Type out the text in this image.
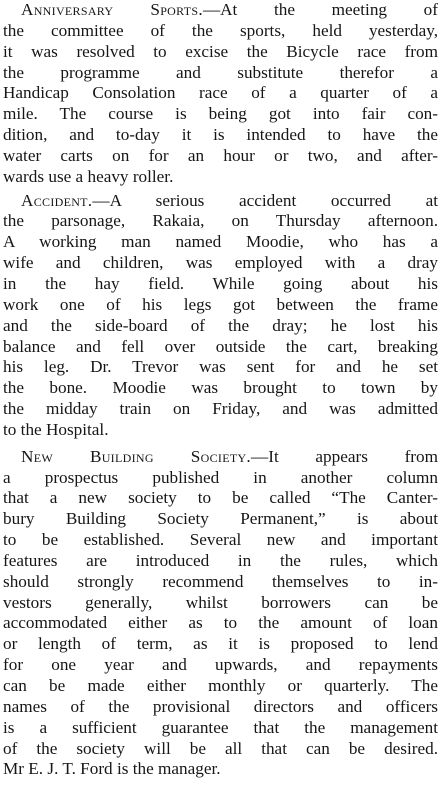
Anniversary Sports.—At the meeting of
the committee of the sports, held yesterday,
it was resolved to excise the Bicycle race from
the programme and substitute therefor a
Handicap Consolation race of a quarter of a
mile. The course is being got into fair con-
dition, and to-day it is intended to have the
water carts on for an hour or two, and after-
wards use a heavy roller.
Accident.—A serious accident occurred at
the parsonage, Rakaia, on Thursday afternoon.
A working man named Moodie, who has a
wife and children, was employed with a dray
in the hay field. While going about his
work one of his legs got between the frame
and the side-board of the dray; he lost his
balance and fell over outside the cart, breaking
his leg. Dr. Trevor was sent for and he set
the bone. Moodie was brought to town by
the midday train on Friday, and was admitted
to the Hospital.
New Building Society.—It appears from
a prospectus published in another column
that a new society to be called “The Canter-
bury Building Society Permanent,” is about
to be established. Several new and important
features are introduced in the rules, which
should strongly recommend themselves to in-
vestors generally, whilst borrowers can be
accommodated either as to the amount of loan
or length of term, as it is proposed to lend
for one year and upwards, and repayments
can be made either monthly or quarterly. The
names of the provisional directors and officers
is a sufficient guarantee that the management
of the society will be all that can be desired.
Mr E. J. T. Ford is the manager.
